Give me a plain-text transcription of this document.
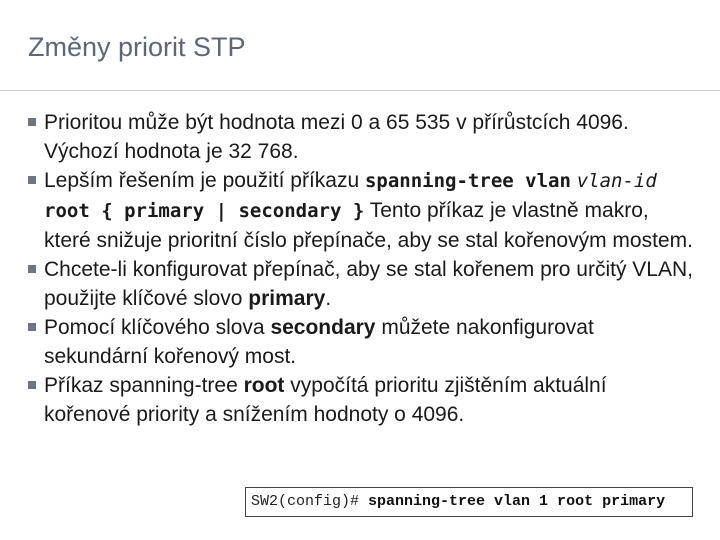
Změny priorit STP

Prioritou může být hodnota mezi 0 a 65 535 v přírůstcích 4096. Výchozí hodnota je 32 768.

Lepším řešením je použití příkazu spanning-tree vlan vlan-id root { primary | secondary } Tento příkaz je vlastně makro, které snižuje prioritní číslo přepínače, aby se stal kořenovým mostem.

Chcete-li konfigurovat přepínač, aby se stal kořenem pro určitý VLAN, použijte klíčové slovo primary.

Pomocí klíčového slova secondary můžete nakonfigurovat sekundární kořenový most.

Příkaz spanning-tree root vypočítá prioritu zjištěním aktuální kořenové priority a snížením hodnoty o 4096.

SW2(config)# spanning-tree vlan 1 root primary
